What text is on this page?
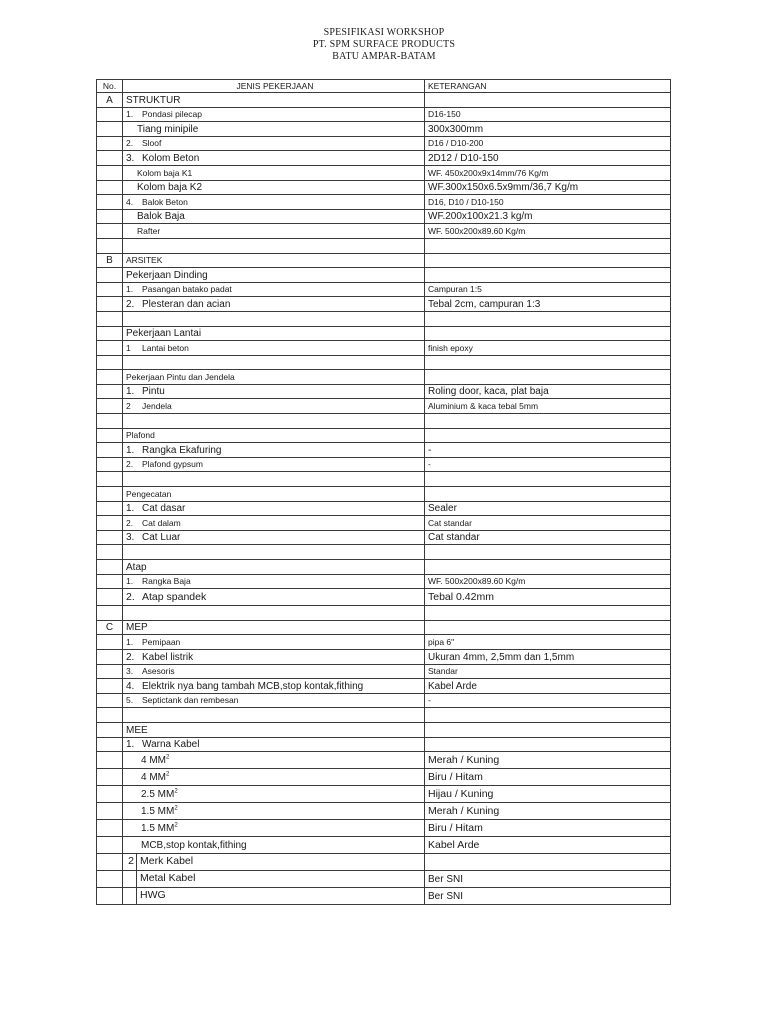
SPESIFIKASI WORKSHOP
PT. SPM SURFACE PRODUCTS
BATU AMPAR-BATAM
No.	JENIS PEKERJAAN	KETERANGAN
A	STRUKTUR	
	1. Pondasi pilecap	D16-150
	Tiang minipile	300x300mm
	2. Sloof	D16 / D10-200
	3. Kolom Beton	2D12 / D10-150
	Kolom baja K1	WF. 450x200x9x14mm/76 Kg/m
	Kolom baja K2	WF.300x150x6.5x9mm/36,7 Kg/m
	4. Balok Beton	D16, D10 / D10-150
	Balok Baja	WF.200x100x21.3 kg/m
	Rafter	WF. 500x200x89.60 Kg/m

B	ARSITEK	
	Pekerjaan Dinding	
	1. Pasangan batako padat	Campuran 1:5
	2. Plesteran dan acian	Tebal 2cm, campuran 1:3

	Pekerjaan Lantai	
	1 Lantai beton	finish epoxy

	Pekerjaan Pintu dan Jendela	
	1. Pintu	Roling door, kaca, plat baja
	2 Jendela	Aluminium & kaca tebal 5mm

	Plafond	
	1. Rangka Ekafuring	-
	2. Plafond gypsum	-

	Pengecatan	
	1. Cat dasar	Sealer
	2. Cat dalam	Cat standar
	3. Cat Luar	Cat standar

	Atap	
	1. Rangka Baja	WF. 500x200x89.60 Kg/m
	2. Atap spandek	Tebal 0.42mm

C	MEP	
	1. Pemipaan	pipa 6"
	2. Kabel listrik	Ukuran 4mm, 2,5mm dan 1,5mm
	3. Asesoris	Standar
	4. Elektrik nya bang tambah MCB,stop kontak,fithing	Kabel Arde
	5. Septictank dan rembesan	-

	MEE	
	1. Warna Kabel	
	4 $MM^2$	Merah / Kuning
	4 $MM^2$	Biru / Hitam
	2.5 $MM^2$	Hijau / Kuning
	1.5 $MM^2$	Merah / Kuning
	1.5 $MM^2$	Biru / Hitam
	MCB,stop kontak,fithing	Kabel Arde

	2 Merk Kabel	

	Metal Kabel	Ber SNI

	HWG	Ber SNI
